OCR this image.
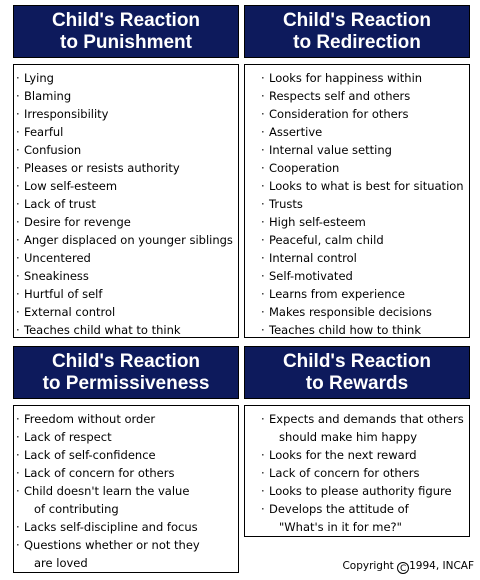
Child's Reaction
to Punishment
Child's Reaction
to Redirection
· Lying
· Blaming
· Irresponsibility
· Fearful
· Confusion
· Pleases or resists authority
· Low self-esteem
· Lack of trust
· Desire for revenge
· Anger displaced on younger siblings
· Uncentered
· Sneakiness
· Hurtful of self
· External control
· Teaches child what to think
· Looks for happiness within
· Respects self and others
· Consideration for others
· Assertive
· Internal value setting
· Cooperation
· Looks to what is best for situation
· Trusts
· High self-esteem
· Peaceful, calm child
· Internal control
· Self-motivated
· Learns from experience
· Makes responsible decisions
· Teaches child how to think
Child's Reaction
to Permissiveness
Child's Reaction
to Rewards
· Freedom without order
· Lack of respect
· Lack of self-confidence
· Lack of concern for others
· Child doesn't learn the value
of contributing
· Lacks self-discipline and focus
· Questions whether or not they
are loved
· Expects and demands that others
should make him happy
· Looks for the next reward
· Lack of concern for others
· Looks to please authority figure
· Develops the attitude of
"What's in it for me?"
Copyright C 1994, INCAF
